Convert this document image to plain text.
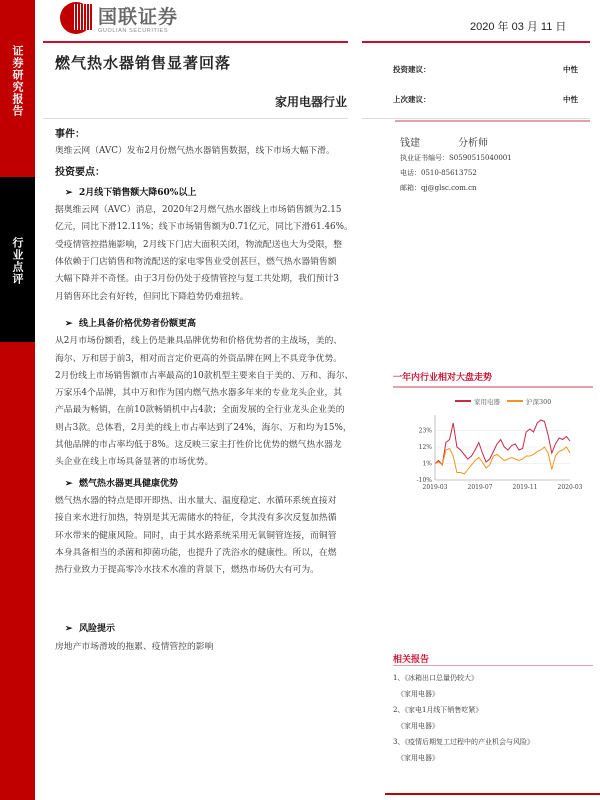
证券研究报告
行业点评
国联证券
GUOLIAN SECURITIES	2020 年 03 月 11 日
燃气热水器销售显著回落
家用电器行业
投资建议：	中性
上次建议：	中性
钱建	分析师
执业证书编号：S0590515040001
电话：0510-85613752
邮箱：qj@glsc.com.cn
事件：
奥维云网（AVC）发布2月份燃气热水器销售数据，线下市场大幅下滑。
投资要点：
➢ 2月线下销售额大降60%以上
据奥维云网（AVC）消息，2020年2月燃气热水器线上市场销售额为2.15
亿元，同比下滑12.11%；线下市场销售额为0.71亿元，同比下滑61.46%。
受疫情管控措施影响，2月线下门店大面积关闭，物流配送也大为受限，整
体依赖于门店销售和物流配送的家电零售业受创甚巨，燃气热水器销售额
大幅下降并不奇怪。由于3月份仍处于疫情管控与复工共处期，我们预计3
月销售环比会有好转，但同比下降趋势仍难扭转。
➢ 线上具备价格优势者份额更高
从2月市场份额看，线上仍是兼具品牌优势和价格优势者的主战场，美的、
海尔、万和居于前3，相对而言定价更高的外资品牌在网上不具竞争优势。
2月份线上市场销售额市占率最高的10款机型主要来自于美的、万和、海尔、
万家乐4个品牌，其中万和作为国内燃气热水器多年来的专业龙头企业，其
产品最为畅销，在前10款畅销机中占4款；全面发展的全行业龙头企业美的
则占3款。总体看，2月美的线上市占率达到了24%，海尔、万和均为15%，
其他品牌的市占率均低于8%。这反映三家主打性价比优势的燃气热水器龙
头企业在线上市场具备显著的市场优势。
➢ 燃气热水器更具健康优势
燃气热水器的特点是即开即热、出水量大、温度稳定、水循环系统直接对
接自来水进行加热，特别是其无需储水的特征，令其没有多次反复加热循
环水带来的健康风险。同时，由于其水路系统采用无氧铜管连接，而铜管
本身具备相当的杀菌和抑菌功能，也提升了洗浴水的健康性。所以，在燃
热行业致力于提高零冷水技术水准的背景下，燃热市场仍大有可为。
➢ 风险提示
房地产市场滑坡的拖累、疫情管控的影响
一年内行业相对大盘走势
家用电器	沪深300
23%
12%
1%
-10%
2019-03	2019-07	2019-11	2020-03
相关报告
1、《冰箱出口总量仍较大》
《家用电器》
2、《家电1月线下销售吃紧》
《家用电器》
3、《疫情后期复工过程中的产业机会与风险》
《家用电器》
